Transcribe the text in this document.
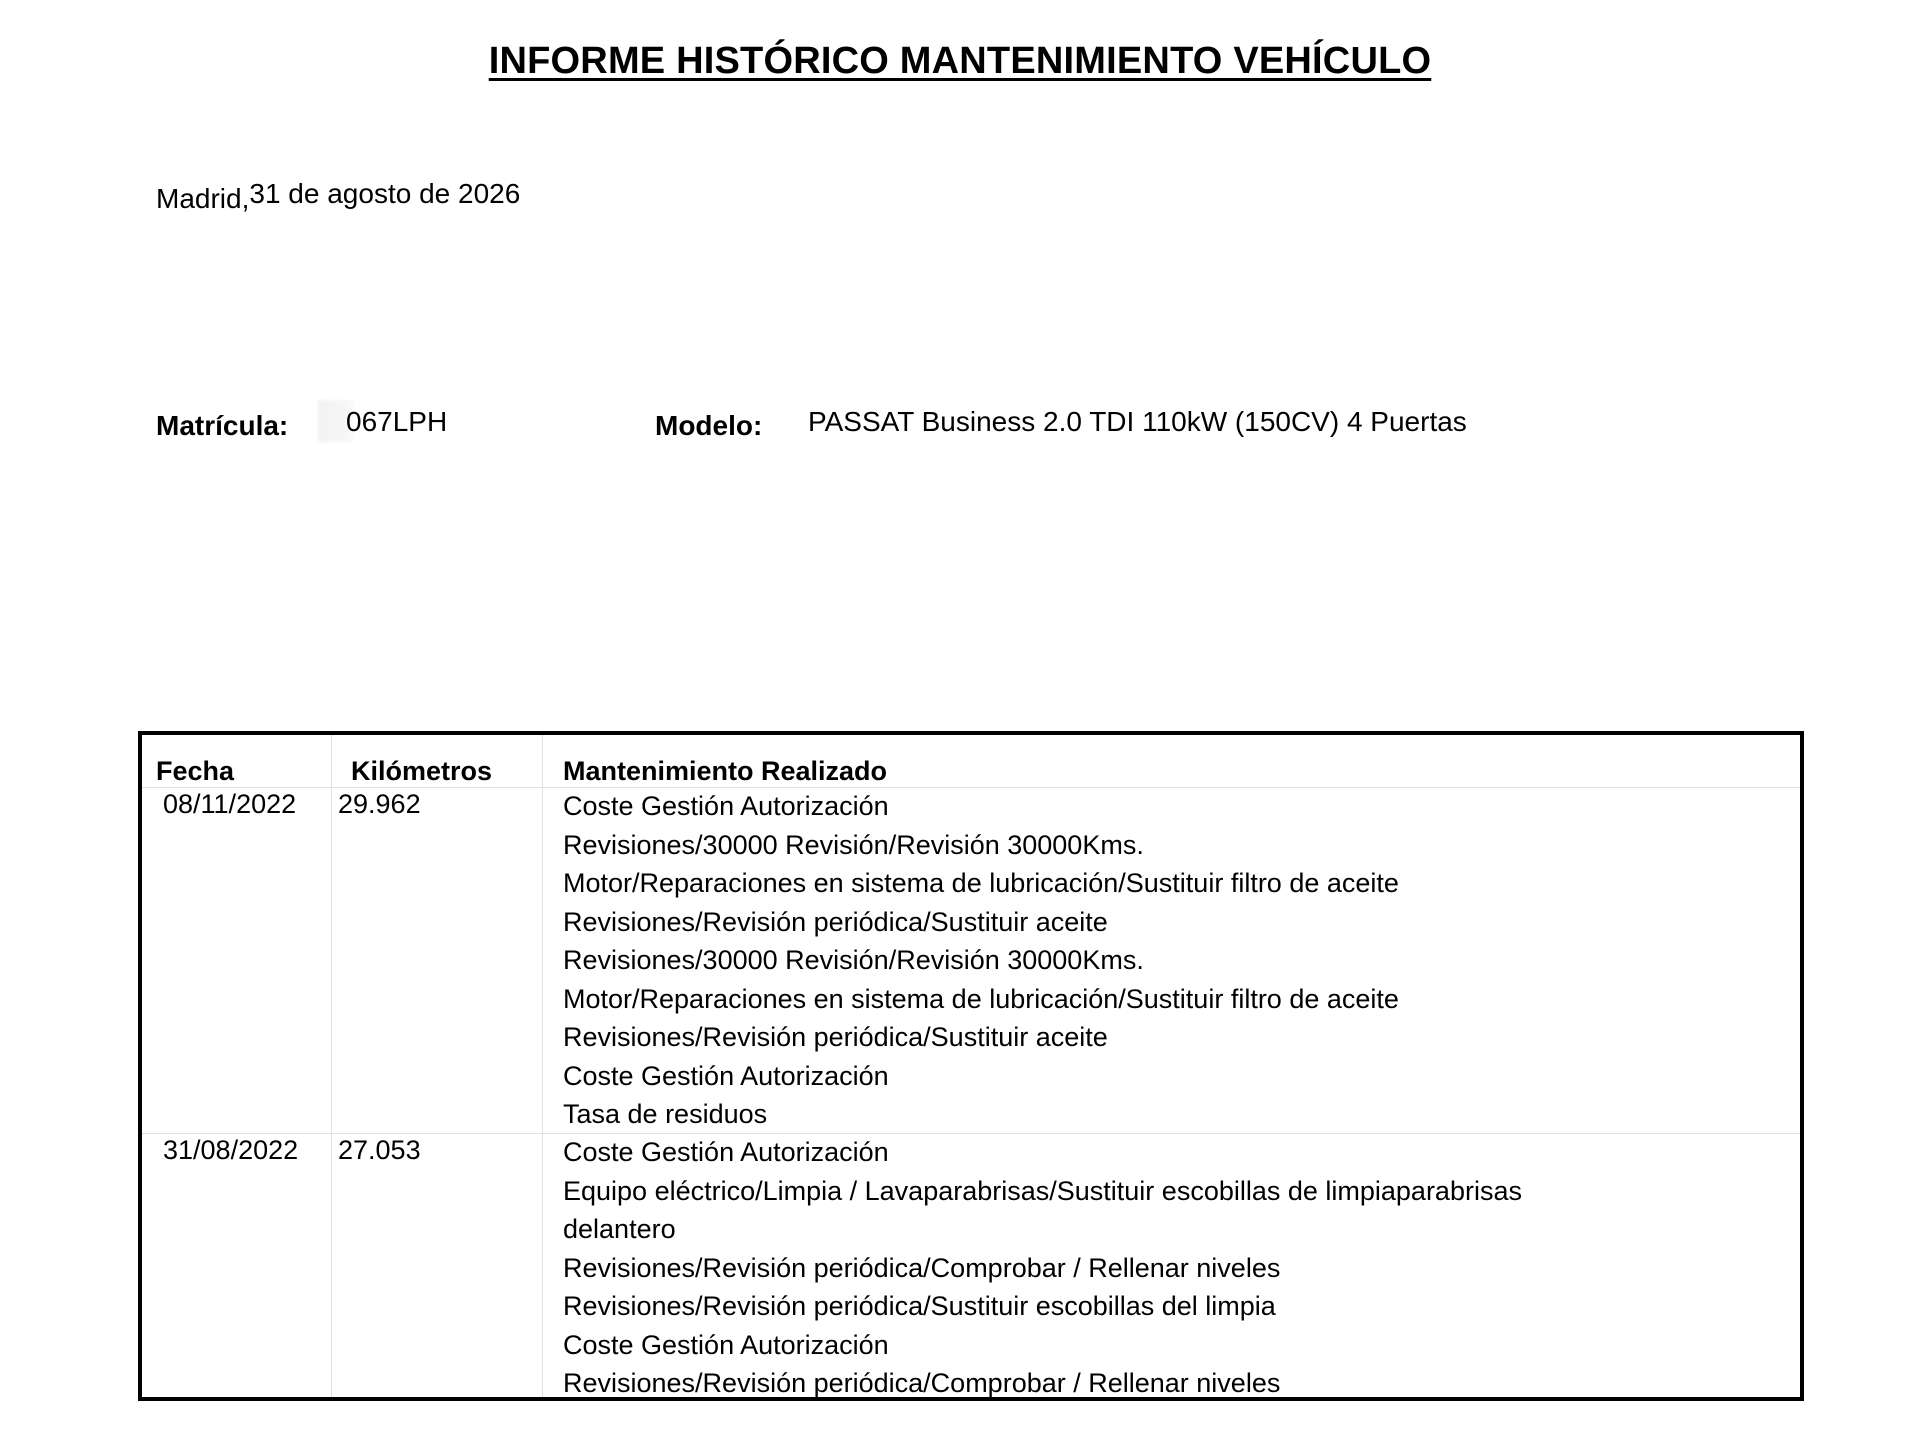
INFORME HISTÓRICO MANTENIMIENTO VEHÍCULO
Madrid,31 de agosto de 2026
Matrícula: 067LPH	Modelo: PASSAT Business 2.0 TDI 110kW (150CV) 4 Puertas
Fecha	Kilómetros	Mantenimiento Realizado
08/11/2022 29.962	Coste Gestión Autorización
Revisiones/30000 Revisión/Revisión 30000Kms.
Motor/Reparaciones en sistema de lubricación/Sustituir filtro de aceite
Revisiones/Revisión periódica/Sustituir aceite
Revisiones/30000 Revisión/Revisión 30000Kms.
Motor/Reparaciones en sistema de lubricación/Sustituir filtro de aceite
Revisiones/Revisión periódica/Sustituir aceite
Coste Gestión Autorización
Tasa de residuos
31/08/2022 27.053	Coste Gestión Autorización
Equipo eléctrico/Limpia / Lavaparabrisas/Sustituir escobillas de limpiaparabrisas
delantero
Revisiones/Revisión periódica/Comprobar / Rellenar niveles
Revisiones/Revisión periódica/Sustituir escobillas del limpia
Coste Gestión Autorización
Revisiones/Revisión periódica/Comprobar / Rellenar niveles
